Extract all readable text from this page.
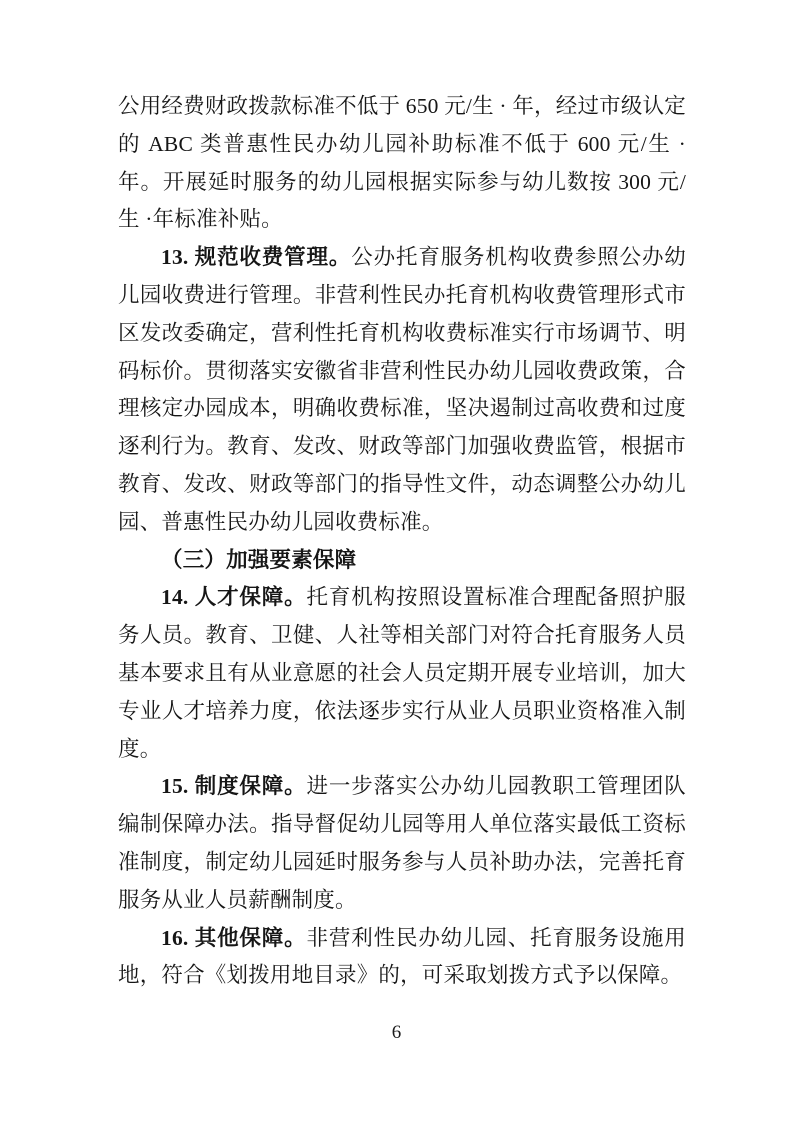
公用经费财政拨款标准不低于 650 元/生 · 年，经过市级认定的 ABC 类普惠性民办幼儿园补助标准不低于 600 元/生 ·年。开展延时服务的幼儿园根据实际参与幼儿数按 300 元/生 ·年标准补贴。

13. 规范收费管理。公办托育服务机构收费参照公办幼儿园收费进行管理。非营利性民办托育机构收费管理形式市区发改委确定，营利性托育机构收费标准实行市场调节、明码标价。贯彻落实安徽省非营利性民办幼儿园收费政策，合理核定办园成本，明确收费标准，坚决遏制过高收费和过度逐利行为。教育、发改、财政等部门加强收费监管，根据市教育、发改、财政等部门的指导性文件，动态调整公办幼儿园、普惠性民办幼儿园收费标准。

（三）加强要素保障

14. 人才保障。托育机构按照设置标准合理配备照护服务人员。教育、卫健、人社等相关部门对符合托育服务人员基本要求且有从业意愿的社会人员定期开展专业培训，加大专业人才培养力度，依法逐步实行从业人员职业资格准入制度。

15. 制度保障。进一步落实公办幼儿园教职工管理团队编制保障办法。指导督促幼儿园等用人单位落实最低工资标准制度，制定幼儿园延时服务参与人员补助办法，完善托育服务从业人员薪酬制度。

16. 其他保障。非营利性民办幼儿园、托育服务设施用地，符合《划拨用地目录》的，可采取划拨方式予以保障。

6
